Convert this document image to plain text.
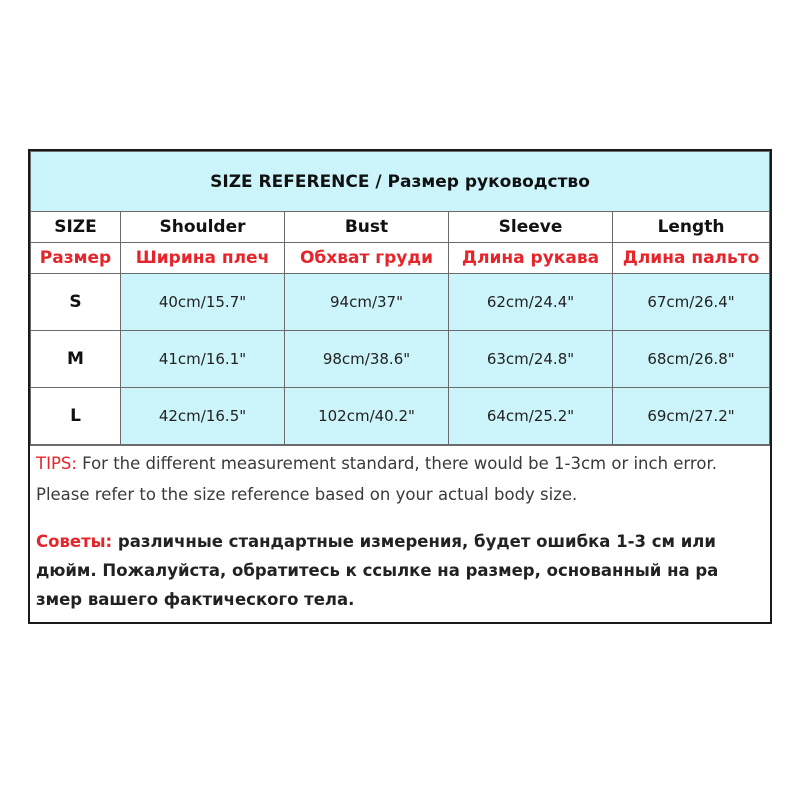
SIZE REFERENCE / Размер руководство				
SIZE	Shoulder	Bust	Sleeve	Length
Размер	Ширина плеч	Обхват груди	Длина рукава	Длина пальто
S	40cm/15.7"	94cm/37"	62cm/24.4"	67cm/26.4"
M	41cm/16.1"	98cm/38.6"	63cm/24.8"	68cm/26.8"
L	42cm/16.5"	102cm/40.2"	64cm/25.2"	69cm/27.2"

TIPS: For the different measurement standard, there would be 1-3cm or inch error. Please refer to the size reference based on your actual body size.

Советы: различные стандартные измерения, будет ошибка 1-3 см или дюйм. Пожалуйста, обратитесь к ссылке на размер, основанный на ра змер вашего фактического тела.
